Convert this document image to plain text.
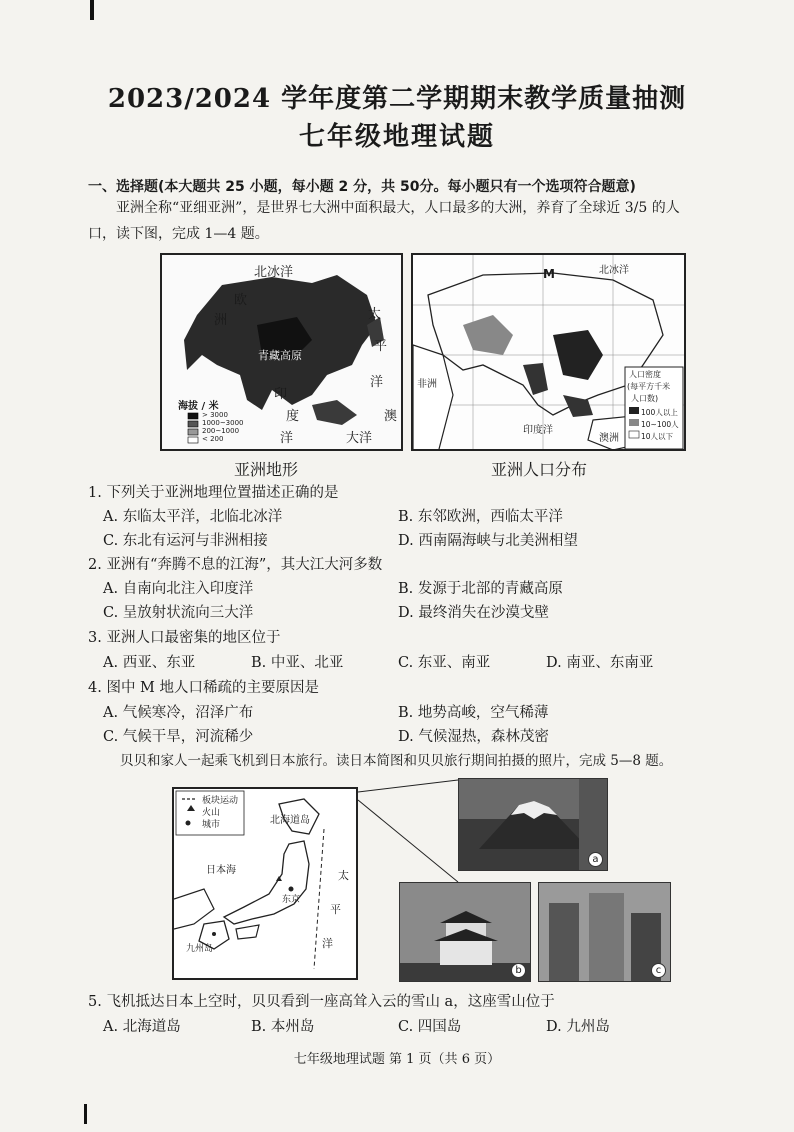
2023/2024 学年度第二学期期末教学质量抽测
七年级地理试题
一、选择题(本大题共 25 小题，每小题 2 分，共 50分。每小题只有一个选项符合题意)
亚洲全称“亚细亚洲”，是世界七大洲中面积最大，人口最多的大洲，养育了全球近 3/5 的人
口，读下图，完成 1—4 题。
北冰洋
欧
洲	太
平
洋
青藏高原
印
度
洋
澳
大洋
海拔 / 米
> 3000
1000~3000
200~1000
< 200
亚洲地形
北冰洋
M
非洲
印度洋
澳洲
人口密度
(每平方千米
人口数)
100人以上
10~100人
10人以下
亚洲人口分布
1. 下列关于亚洲地理位置描述正确的是
A. 东临太平洋，北临北冰洋	B. 东邻欧洲，西临太平洋
C. 东北有运河与非洲相接	D. 西南隔海峡与北美洲相望
2. 亚洲有“奔腾不息的江海”，其大江大河多数
A. 自南向北注入印度洋	B. 发源于北部的青藏高原
C. 呈放射状流向三大洋	D. 最终消失在沙漠戈壁
3. 亚洲人口最密集的地区位于
A. 西亚、东亚	B. 中亚、北亚	C. 东亚、南亚	D. 南亚、东南亚
4. 图中 M 地人口稀疏的主要原因是
A. 气候寒冷，沼泽广布	B. 地势高峻，空气稀薄
C. 气候干旱，河流稀少	D. 气候湿热，森林茂密
贝贝和家人一起乘飞机到日本旅行。读日本简图和贝贝旅行期间拍摄的照片，完成 5—8 题。
板块运动
火山
城市	北海道岛
日本海
东京
九州岛
太
平
洋
a
b	c
5. 飞机抵达日本上空时，贝贝看到一座高耸入云的雪山 a，这座雪山位于
A. 北海道岛	B. 本州岛	C. 四国岛	D. 九州岛
七年级地理试题 第 1 页（共 6 页）
